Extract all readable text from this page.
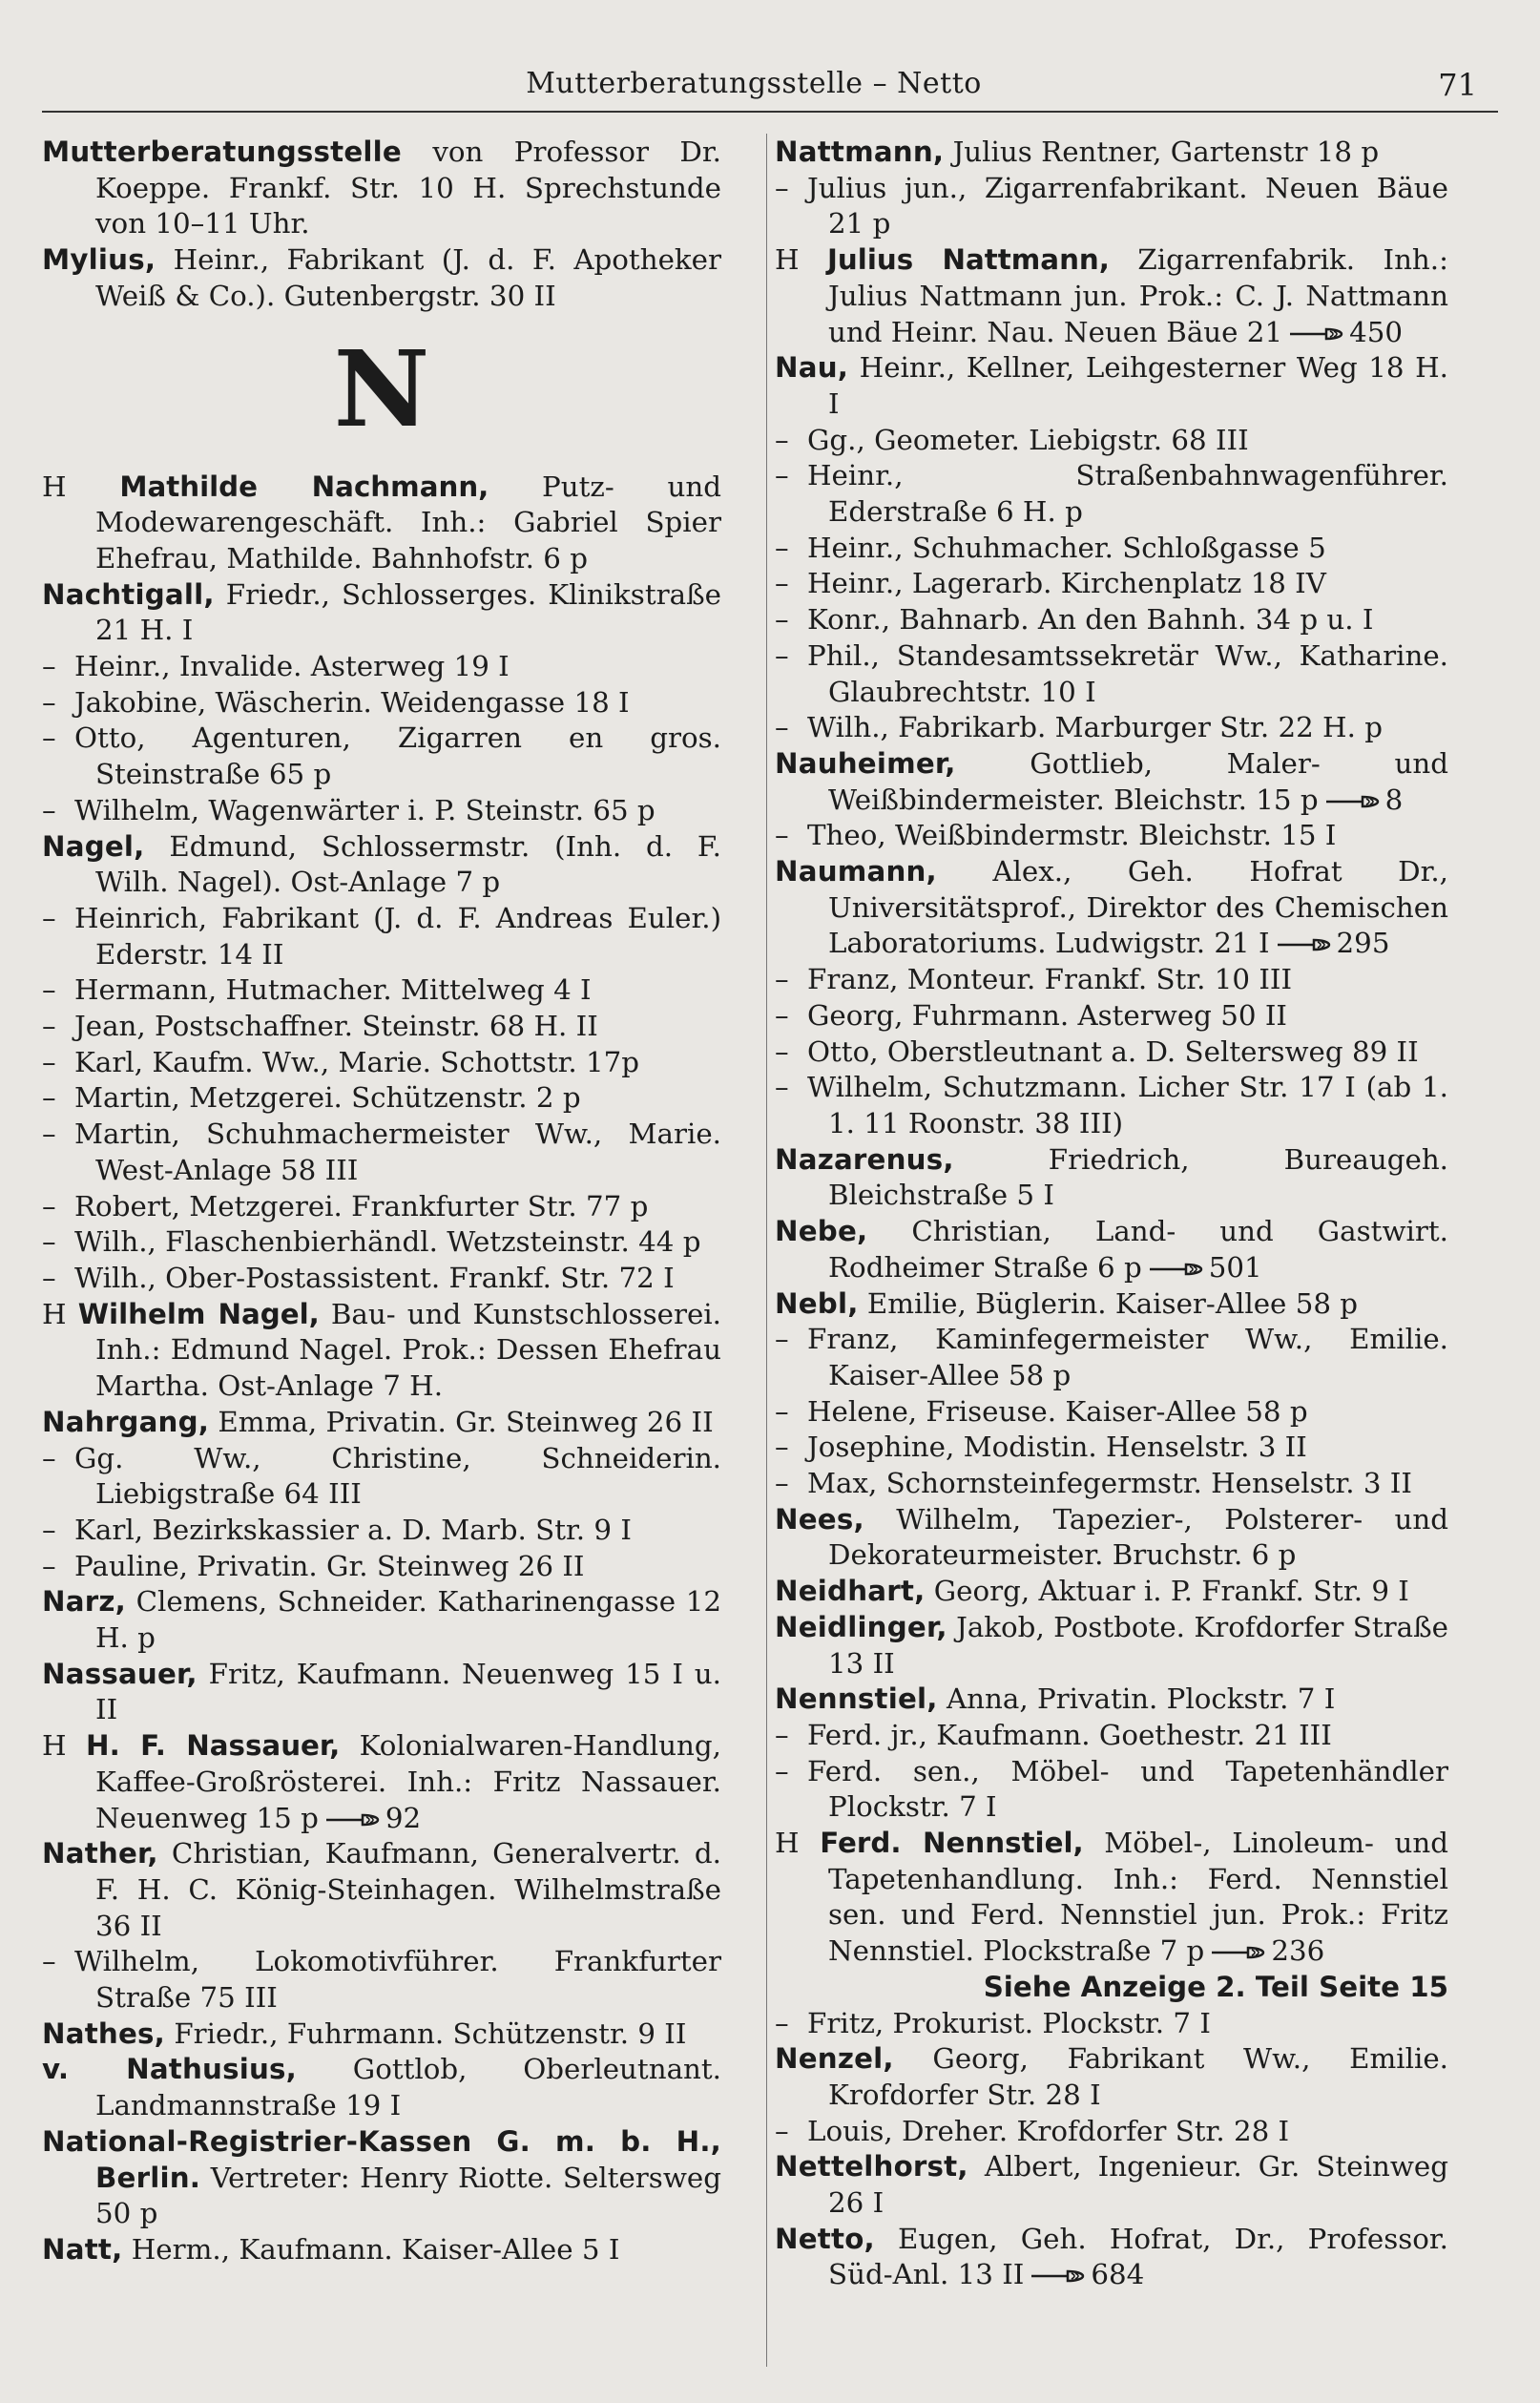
Mutterberatungsstelle – Netto	71
Mutterberatungsstelle von Professor Dr. Koeppe. Frankf. Str. 10 H. Sprechstunde von 10–11 Uhr.
Mylius, Heinr., Fabrikant (J. d. F. Apotheker Weiß & Co.). Gutenbergstr. 30 II
N
H Mathilde Nachmann, Putz- und Modewarengeschäft. Inh.: Gabriel Spier Ehefrau, Mathilde. Bahnhofstr. 6 p
Nachtigall, Friedr., Schlosserges. Klinikstraße 21 H. I
– Heinr., Invalide. Asterweg 19 I
– Jakobine, Wäscherin. Weidengasse 18 I
– Otto, Agenturen, Zigarren en gros. Steinstraße 65 p
– Wilhelm, Wagenwärter i. P. Steinstr. 65 p
Nagel, Edmund, Schlossermstr. (Inh. d. F. Wilh. Nagel). Ost-Anlage 7 p
– Heinrich, Fabrikant (J. d. F. Andreas Euler.) Ederstr. 14 II
– Hermann, Hutmacher. Mittelweg 4 I
– Jean, Postschaffner. Steinstr. 68 H. II
– Karl, Kaufm. Ww., Marie. Schottstr. 17p
– Martin, Metzgerei. Schützenstr. 2 p
– Martin, Schuhmachermeister Ww., Marie. West-Anlage 58 III
– Robert, Metzgerei. Frankfurter Str. 77 p
– Wilh., Flaschenbierhändl. Wetzsteinstr. 44 p
– Wilh., Ober-Postassistent. Frankf. Str. 72 I
H Wilhelm Nagel, Bau- und Kunstschlosserei. Inh.: Edmund Nagel. Prok.: Dessen Ehefrau Martha. Ost-Anlage 7 H.
Nahrgang, Emma, Privatin. Gr. Steinweg 26 II
– Gg. Ww., Christine, Schneiderin. Liebigstraße 64 III
– Karl, Bezirkskassier a. D. Marb. Str. 9 I
– Pauline, Privatin. Gr. Steinweg 26 II
Narz, Clemens, Schneider. Katharinengasse 12 H. p
Nassauer, Fritz, Kaufmann. Neuenweg 15 I u. II
H H. F. Nassauer, Kolonialwaren-Handlung, Kaffee-Großrösterei. Inh.: Fritz Nassauer. Neuenweg 15 p 92
Nather, Christian, Kaufmann, Generalvertr. d. F. H. C. König-Steinhagen. Wilhelmstraße 36 II
– Wilhelm, Lokomotivführer. Frankfurter Straße 75 III
Nathes, Friedr., Fuhrmann. Schützenstr. 9 II
v. Nathusius, Gottlob, Oberleutnant. Landmannstraße 19 I
National-Registrier-Kassen G. m. b. H., Berlin. Vertreter: Henry Riotte. Seltersweg 50 p
Natt, Herm., Kaufmann. Kaiser-Allee 5 I
Nattmann, Julius Rentner, Gartenstr 18 p
– Julius jun., Zigarrenfabrikant. Neuen Bäue 21 p
H Julius Nattmann, Zigarrenfabrik. Inh.: Julius Nattmann jun. Prok.: C. J. Nattmann und Heinr. Nau. Neuen Bäue 21 450
Nau, Heinr., Kellner, Leihgesterner Weg 18 H. I
– Gg., Geometer. Liebigstr. 68 III
– Heinr., Straßenbahnwagenführer. Ederstraße 6 H. p
– Heinr., Schuhmacher. Schloßgasse 5
– Heinr., Lagerarb. Kirchenplatz 18 IV
– Konr., Bahnarb. An den Bahnh. 34 p u. I
– Phil., Standesamtssekretär Ww., Katharine. Glaubrechtstr. 10 I
– Wilh., Fabrikarb. Marburger Str. 22 H. p
Nauheimer, Gottlieb, Maler- und Weißbindermeister. Bleichstr. 15 p 8
– Theo, Weißbindermstr. Bleichstr. 15 I
Naumann, Alex., Geh. Hofrat Dr., Universitätsprof., Direktor des Chemischen Laboratoriums. Ludwigstr. 21 I 295
– Franz, Monteur. Frankf. Str. 10 III
– Georg, Fuhrmann. Asterweg 50 II
– Otto, Oberstleutnant a. D. Selterswеg 89 II
– Wilhelm, Schutzmann. Licher Str. 17 I (ab 1. 1. 11 Roonstr. 38 III)
Nazarenus, Friedrich, Bureaugeh. Bleichstraße 5 I
Nebe, Christian, Land- und Gastwirt. Rodheimer Straße 6 p 501
Nebl, Emilie, Büglerin. Kaiser-Allee 58 p
– Franz, Kaminfegermeister Ww., Emilie. Kaiser-Allee 58 p
– Helene, Friseuse. Kaiser-Allee 58 p
– Josephine, Modistin. Henselstr. 3 II
– Max, Schornsteinfegermstr. Henselstr. 3 II
Nees, Wilhelm, Tapezier-, Polsterer- und Dekorateurmeister. Bruchstr. 6 p
Neidhart, Georg, Aktuar i. P. Frankf. Str. 9 I
Neidlinger, Jakob, Postbote. Krofdorfer Straße 13 II
Nennstiel, Anna, Privatin. Plockstr. 7 I
– Ferd. jr., Kaufmann. Goethestr. 21 III
– Ferd. sen., Möbel- und Tapetenhändler Plockstr. 7 I
H Ferd. Nennstiel, Möbel-, Linoleum- und Tapetenhandlung. Inh.: Ferd. Nennstiel sen. und Ferd. Nennstiel jun. Prok.: Fritz Nennstiel. Plockstraße 7 p 236
Siehe Anzeige 2. Teil Seite 15
– Fritz, Prokurist. Plockstr. 7 I
Nenzel, Georg, Fabrikant Ww., Emilie. Krofdorfer Str. 28 I
– Louis, Dreher. Krofdorfer Str. 28 I
Nettelhorst, Albert, Ingenieur. Gr. Steinweg 26 I
Netto, Eugen, Geh. Hofrat, Dr., Professor. Süd-Anl. 13 II 684
